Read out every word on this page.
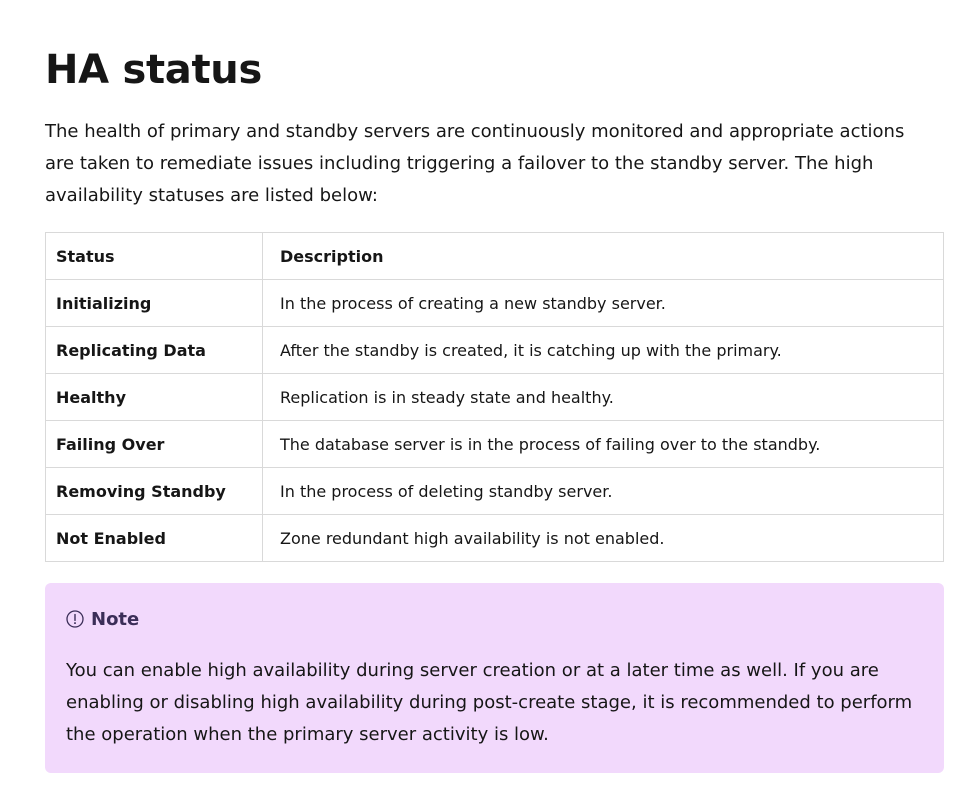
HA status

The health of primary and standby servers are continuously monitored and appropriate actions are taken to remediate issues including triggering a failover to the standby server. The high availability statuses are listed below:

Status	Description
Initializing	In the process of creating a new standby server.
Replicating Data	After the standby is created, it is catching up with the primary.
Healthy	Replication is in steady state and healthy.
Failing Over	The database server is in the process of failing over to the standby.
Removing Standby	In the process of deleting standby server.
Not Enabled	Zone redundant high availability is not enabled.
Note

You can enable high availability during server creation or at a later time as well. If you are enabling or disabling high availability during post-create stage, it is recommended to perform the operation when the primary server activity is low.
